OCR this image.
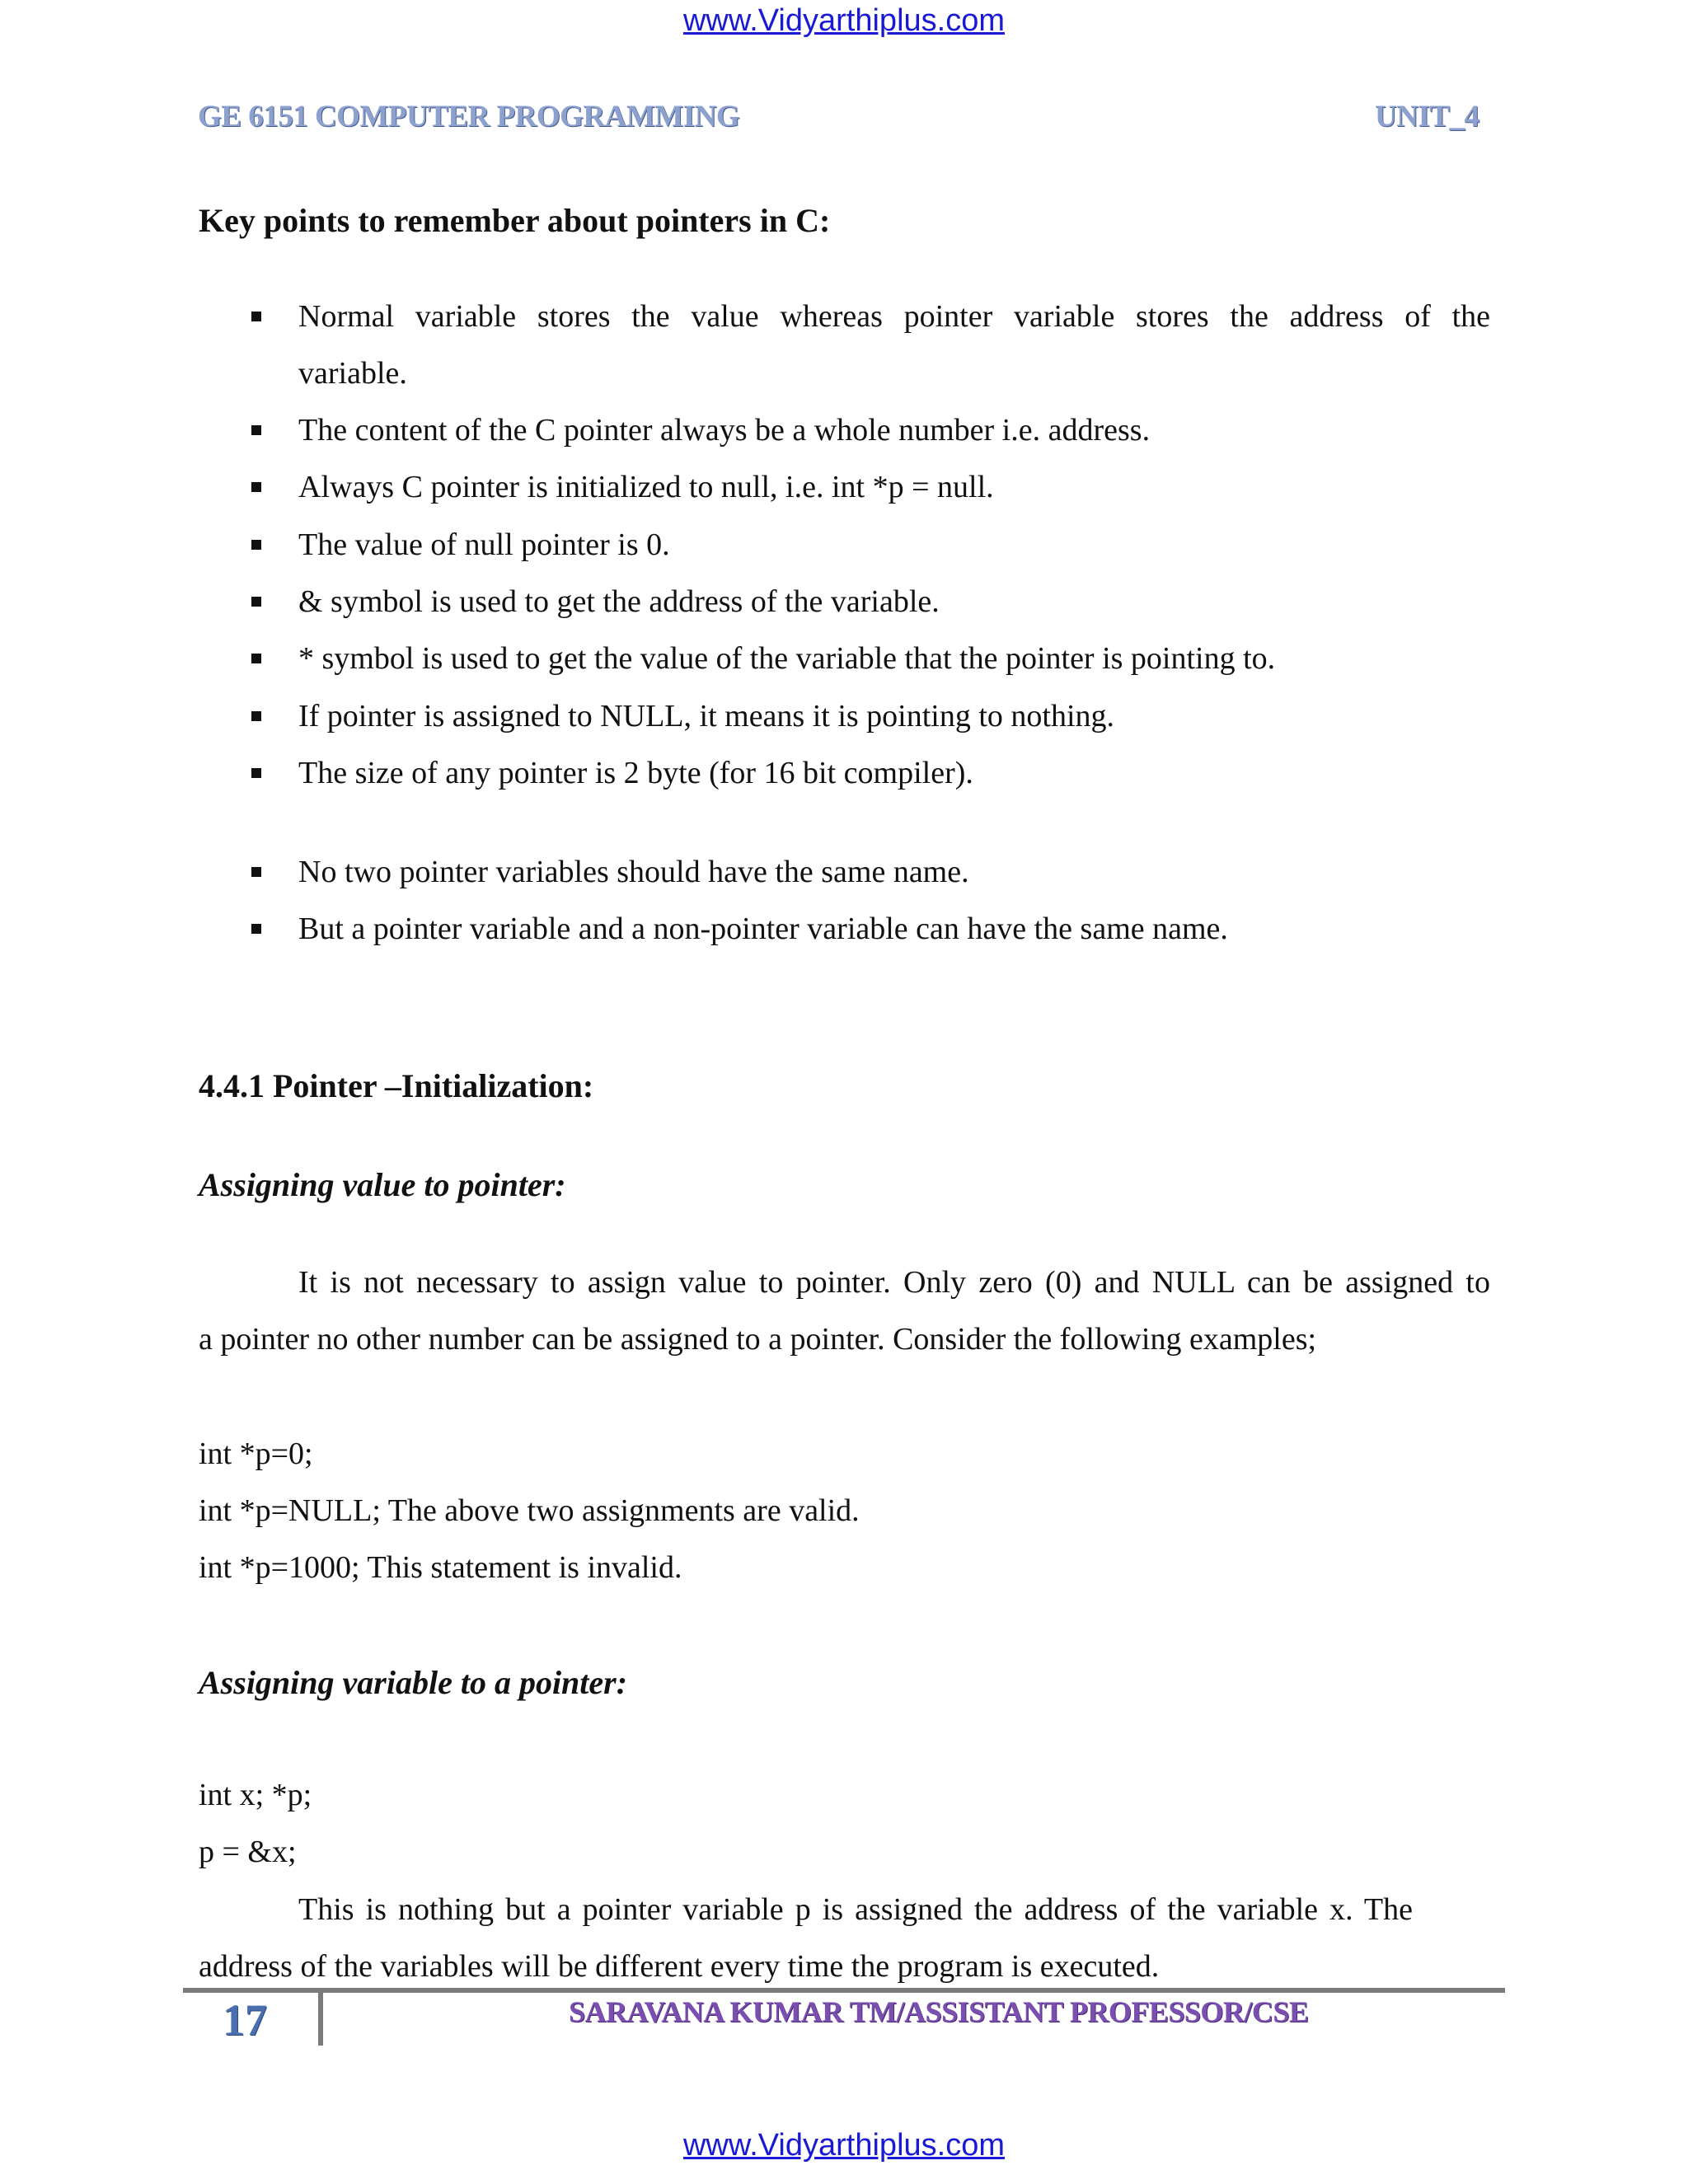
www.Vidyarthiplus.com
GE 6151 COMPUTER PROGRAMMING	UNIT_4
Key points to remember about pointers in C:
Normal variable stores the value whereas pointer variable stores the address of the
variable.
The content of the C pointer always be a whole number i.e. address.
Always C pointer is initialized to null, i.e. int *p = null.
The value of null pointer is 0.
& symbol is used to get the address of the variable.
* symbol is used to get the value of the variable that the pointer is pointing to.
If pointer is assigned to NULL, it means it is pointing to nothing.
The size of any pointer is 2 byte (for 16 bit compiler).
No two pointer variables should have the same name.
But a pointer variable and a non-pointer variable can have the same name.
4.4.1 Pointer –Initialization:
Assigning value to pointer:
It is not necessary to assign value to pointer. Only zero (0) and NULL can be assigned to
a pointer no other number can be assigned to a pointer. Consider the following examples;
int *p=0;
int *p=NULL; The above two assignments are valid.
int *p=1000; This statement is invalid.
Assigning variable to a pointer:
int x; *p;
p = &x;
This is nothing but a pointer variable p is assigned the address of the variable x. The
address of the variables will be different every time the program is executed.
17	SARAVANA KUMAR TM/ASSISTANT PROFESSOR/CSE
www.Vidyarthiplus.com
